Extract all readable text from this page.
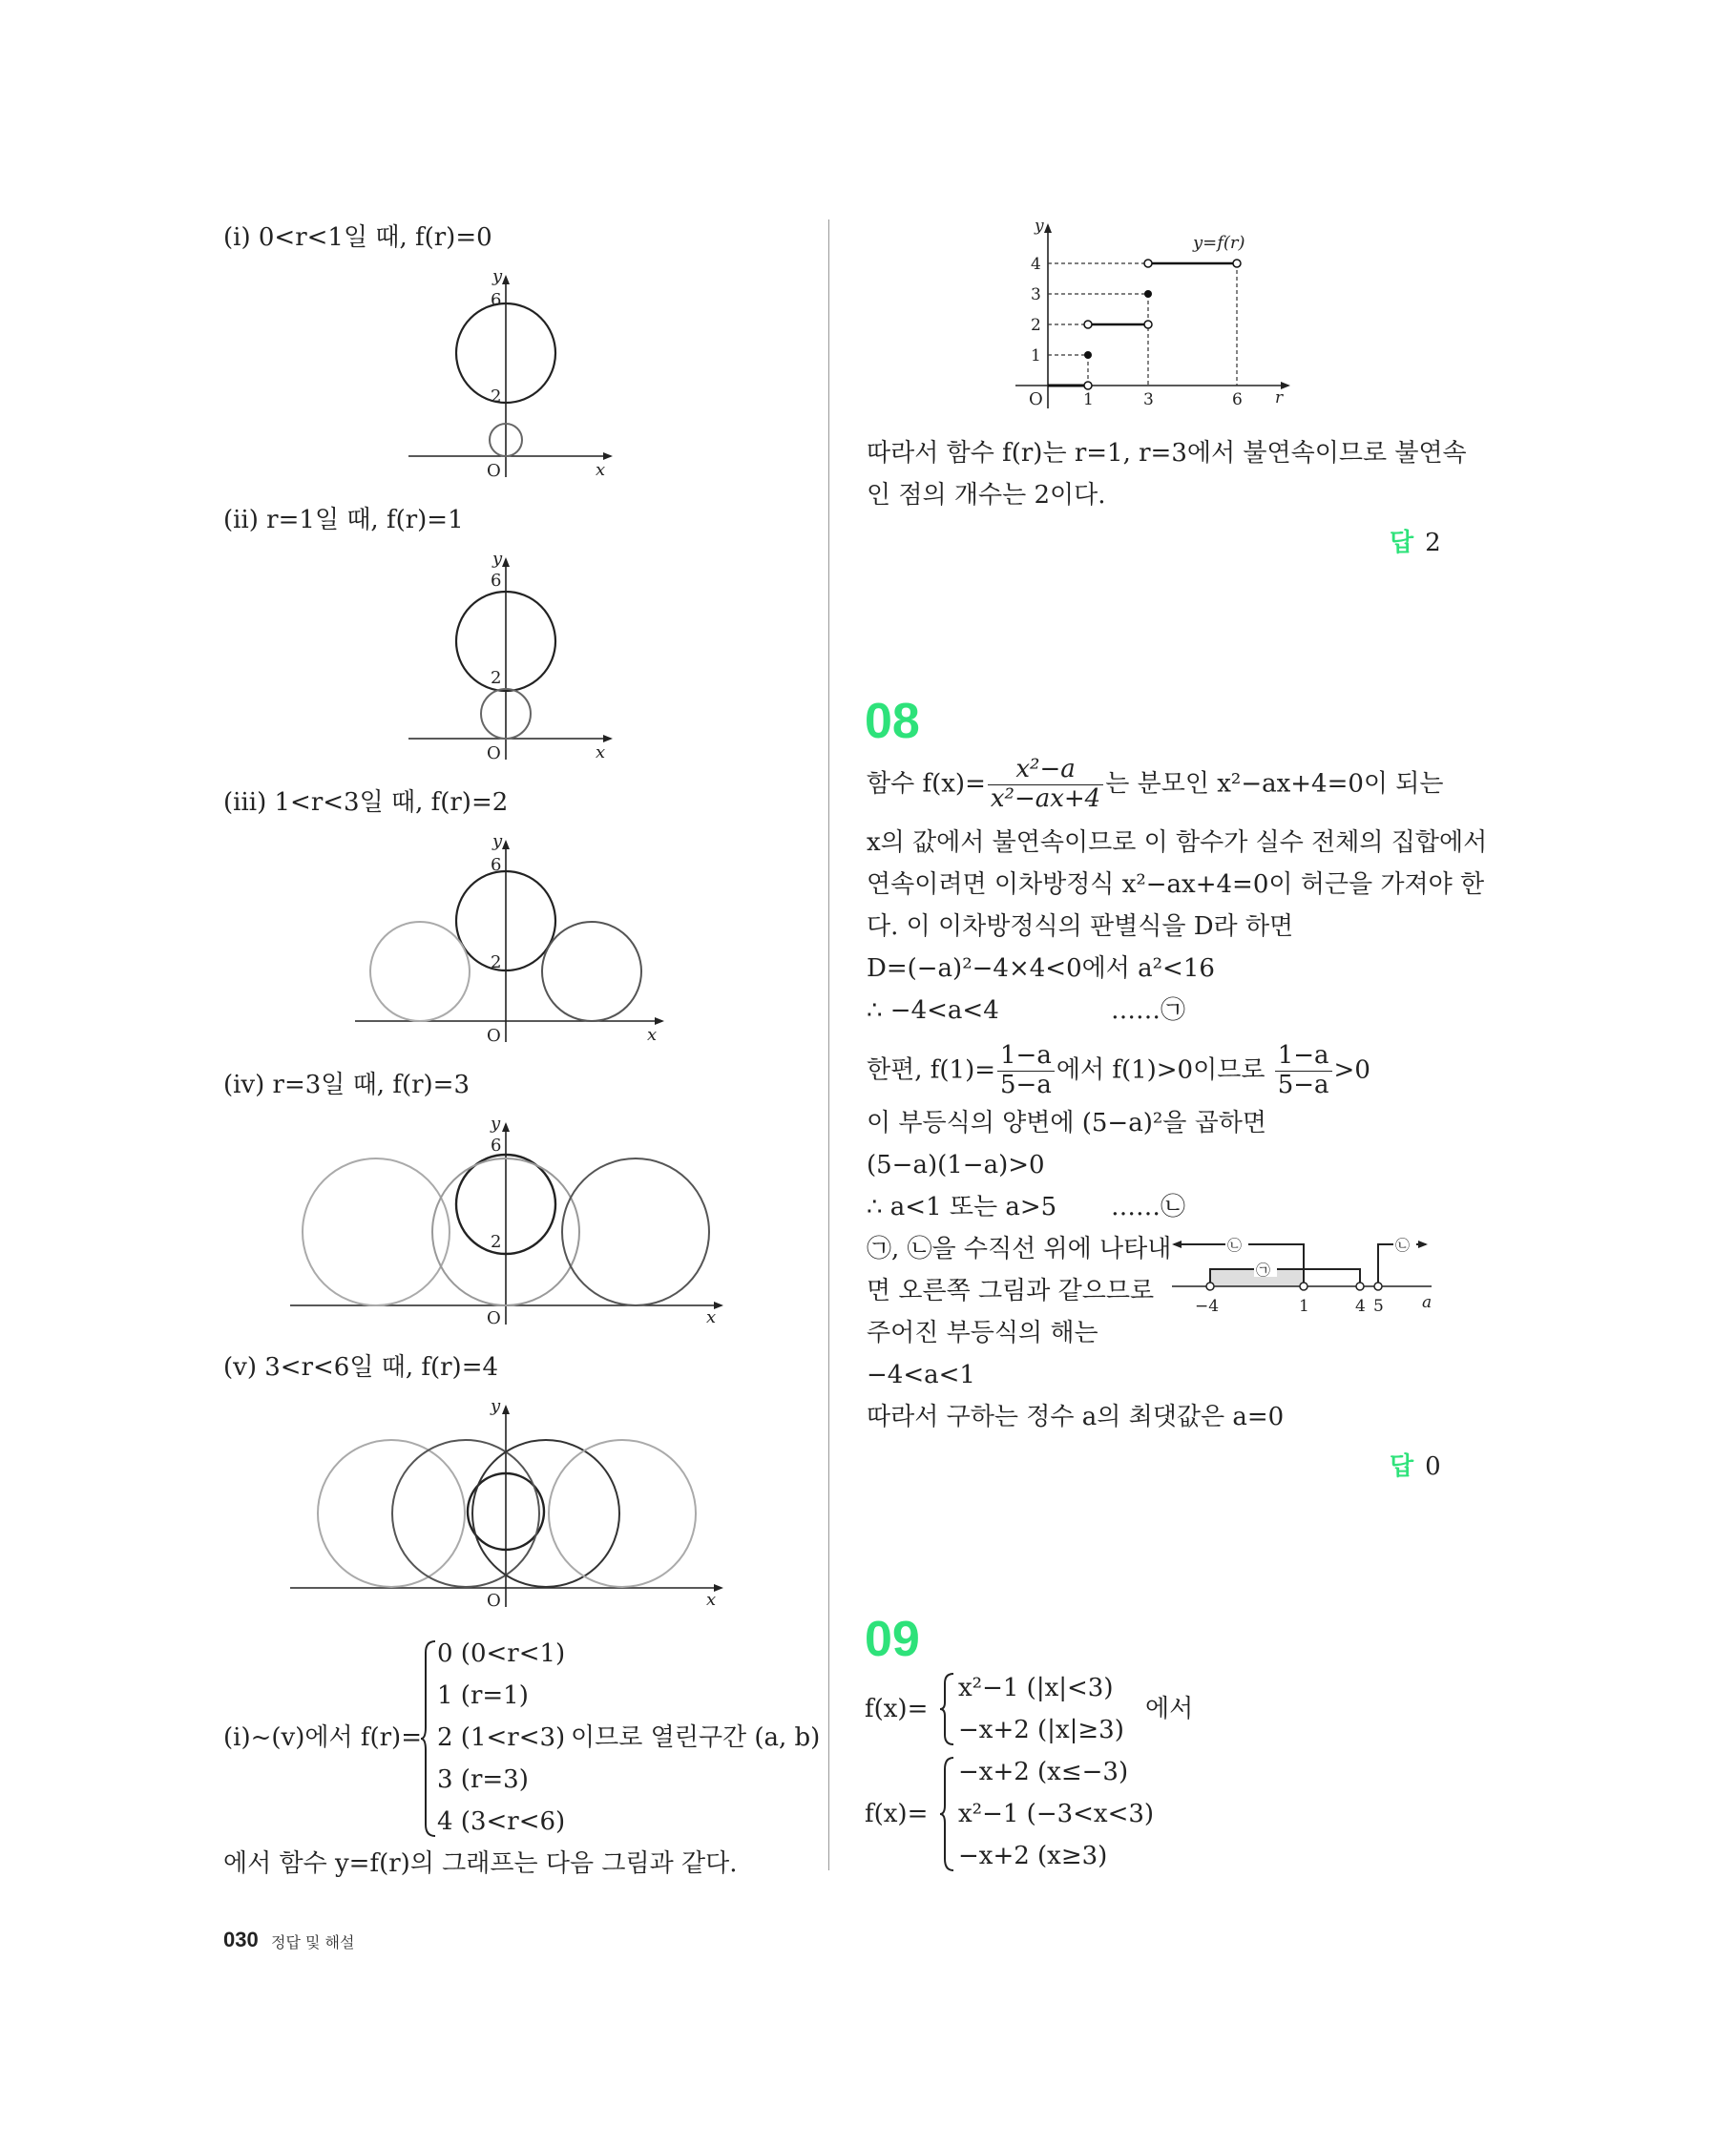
(ⅰ) 0<r<1일 때, f(r)=0
y
6
2
O	x
(ⅱ) r=1일 때, f(r)=1
y
6
2
O	x
(ⅲ) 1<r<3일 때, f(r)=2
y
6
2
O	x
(ⅳ) r=3일 때, f(r)=3
y
6
2
O	x
(ⅴ) 3<r<6일 때, f(r)=4
y
O	x
(ⅰ)~(ⅴ)에서 f(r)=
0 (0<r<1)
1 (r=1)
2 (1<r<3)
3 (r=3)
4 (3<r<6)
이므로 열린구간 (a, b)
에서 함수 y=f(r)의 그래프는 다음 그림과 같다.
y
y=f(r)
4
3
2
1
O 1	3	6 r
따라서 함수 f(r)는 r=1, r=3에서 불연속이므로 불연속
인 점의 개수는 2이다.
답 2
08
함수 $f(x)= \frac{\text{x²−a}}{\text{x²−ax+4}}$ 는 분모인 x²−ax+4=0이 되는
x의 값에서 불연속이므로 이 함수가 실수 전체의 집합에서
연속이려면 이차방정식 x²−ax+4=0이 허근을 가져야 한
다. 이 이차방정식의 판별식을 D라 하면
D=(−a)²−4×4<0에서 a²<16
∴ −4<a<4	……㉠
한편, $f(1)= \frac{1-a}{5-a}$ 에서 f(1)>0이므로 $\frac{1-a}{5-a} >0$
이 부등식의 양변에 (5−a)²을 곱하면
(5−a)(1−a)>0
∴ a<1 또는 a>5 ……㉡
㉠, ㉡을 수직선 위에 나타내
면 오른쪽 그림과 같으므로
주어진 부등식의 해는
−4<a<1
따라서 구하는 정수 a의 최댓값은 a=0
㉡
㉠
㉡
−4	1	4 5 a
답 0
09
f(x)=
x²−1 (|x|<3)
−x+2 (|x|≥3)
에서
f(x)=
−x+2 (x≤−3)
x²−1 (−3<x<3)
−x+2 (x≥3)
030 정답 및 해설
